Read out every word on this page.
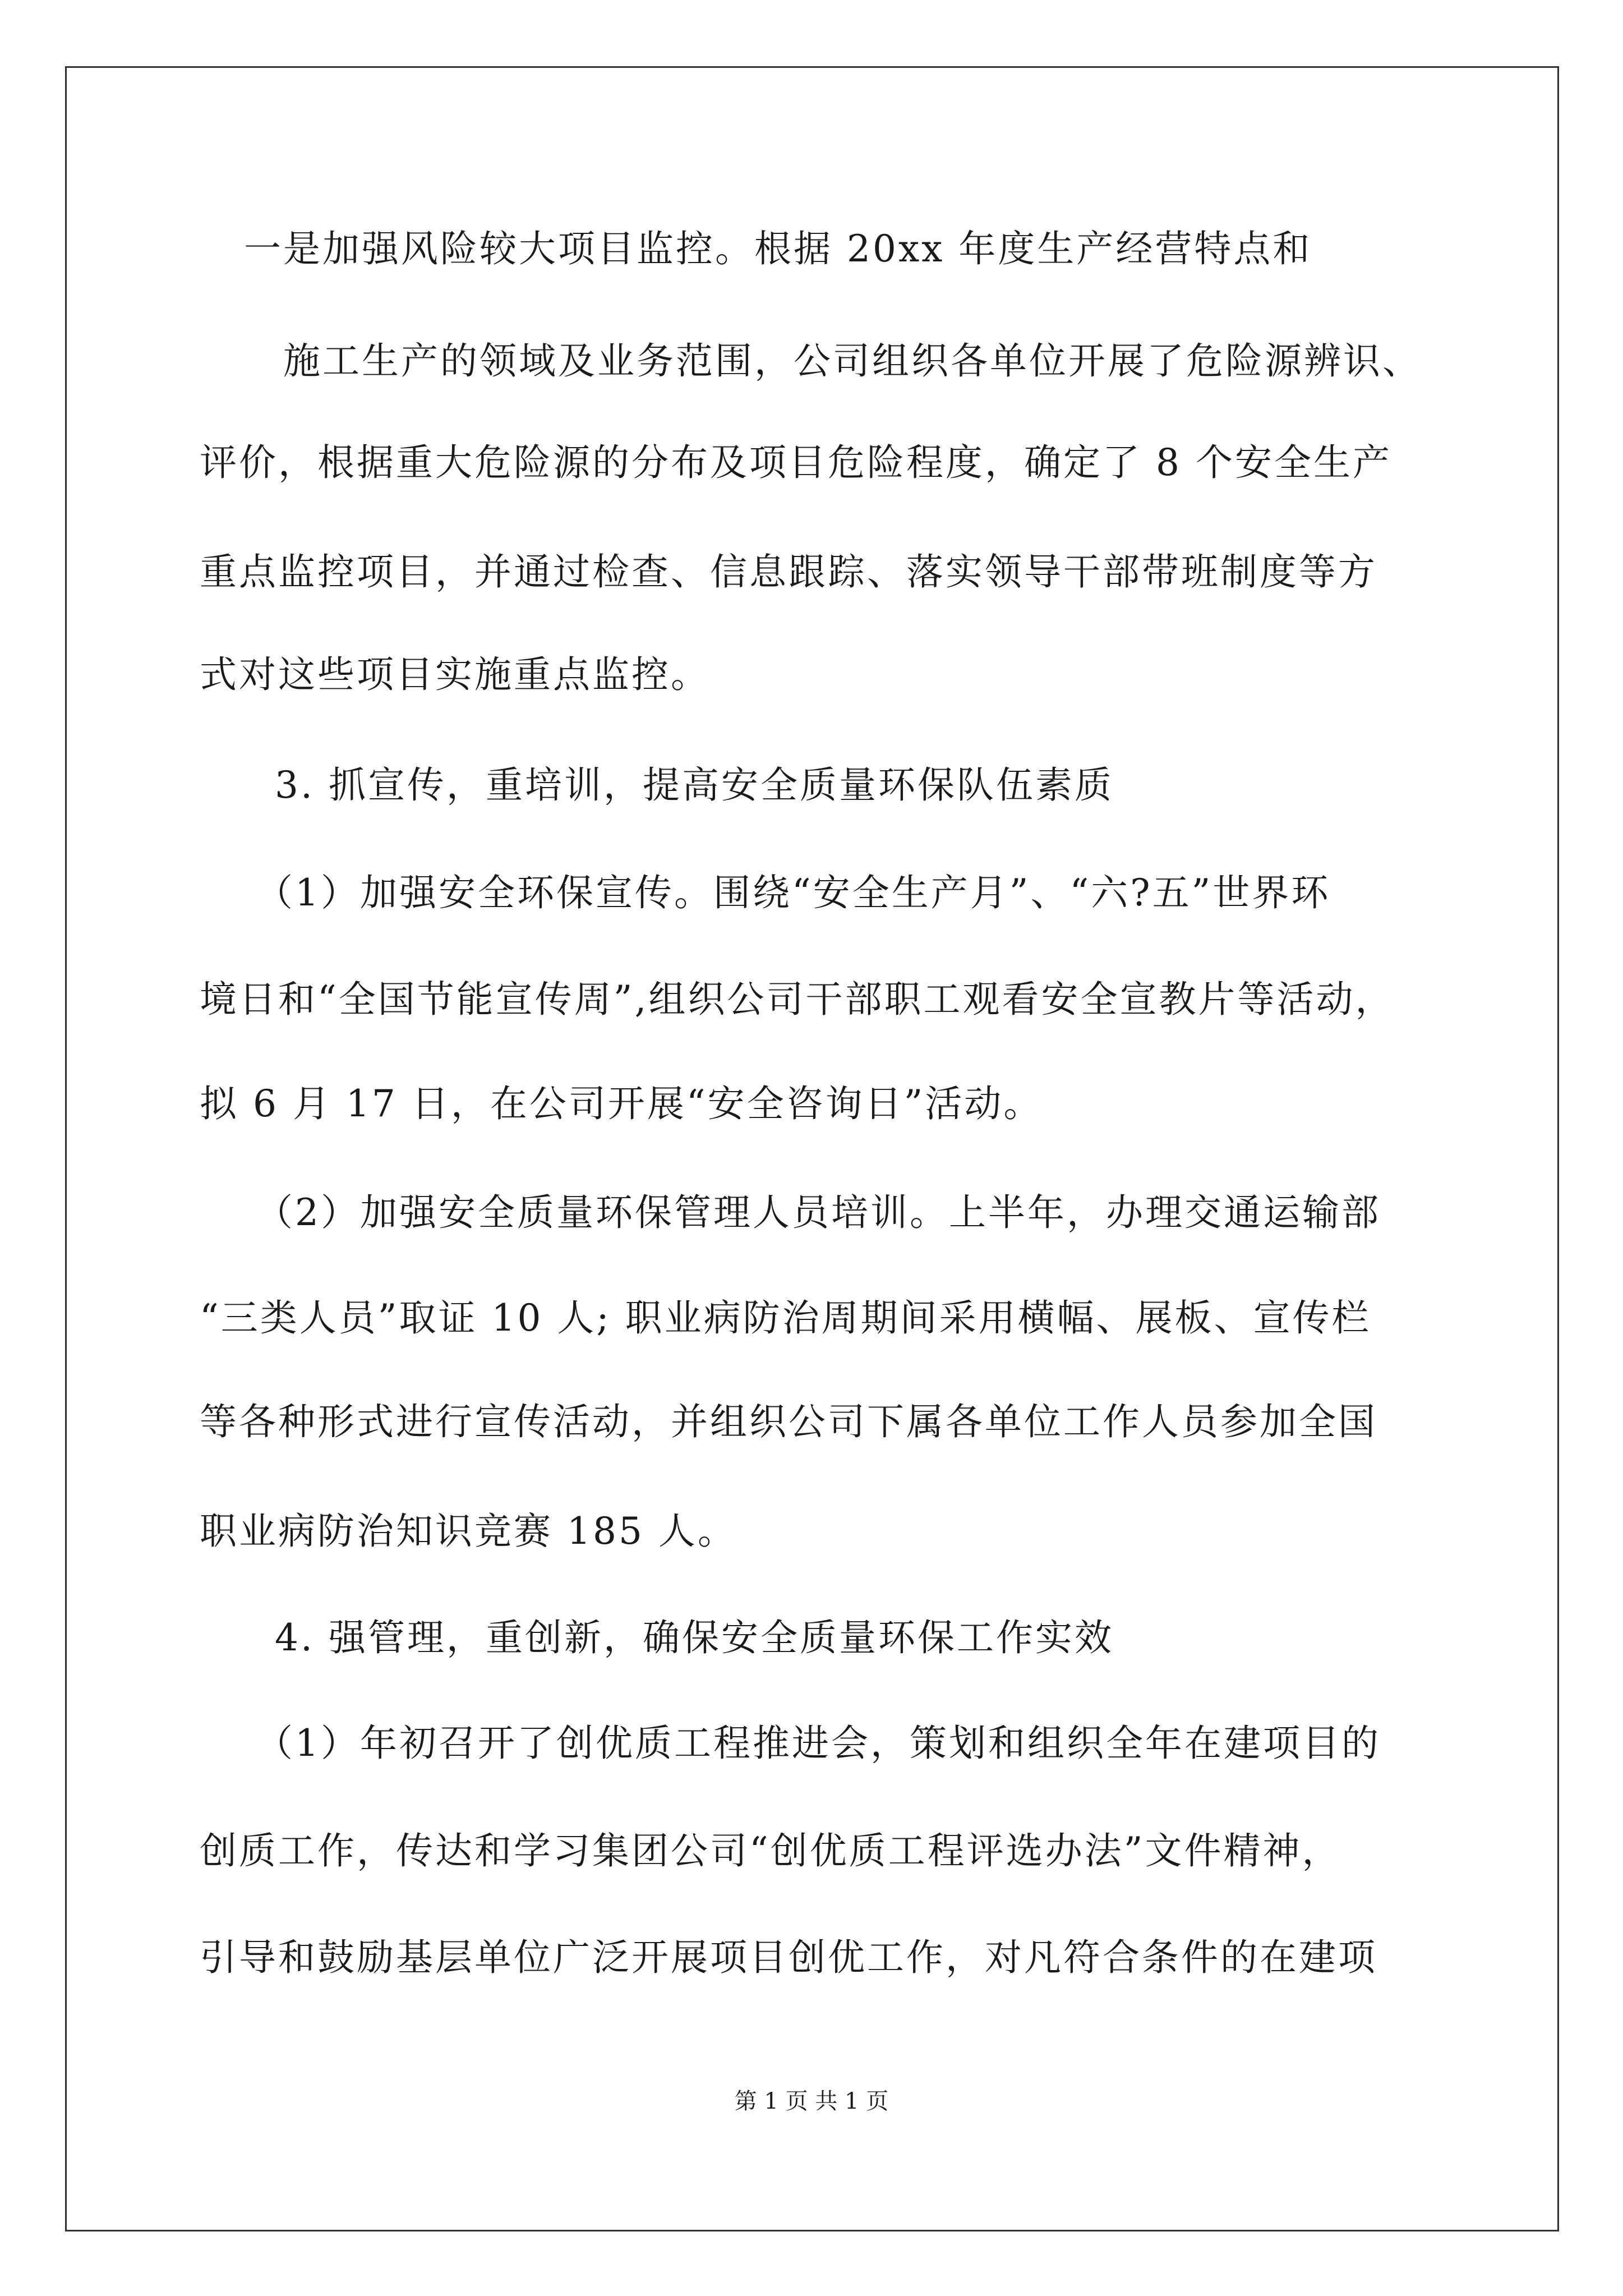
一是加强风险较大项目监控。根据 20xx 年度生产经营特点和
施工生产的领域及业务范围，公司组织各单位开展了危险源辨识、
评价，根据重大危险源的分布及项目危险程度，确定了 8 个安全生产
重点监控项目，并通过检查、信息跟踪、落实领导干部带班制度等方
式对这些项目实施重点监控。
3. 抓宣传，重培训，提高安全质量环保队伍素质
（1）加强安全环保宣传。围绕“安全生产月”、“六?五”世界环
境日和“全国节能宣传周”,组织公司干部职工观看安全宣教片等活动，
拟 6 月 17 日，在公司开展“安全咨询日”活动。
（2）加强安全质量环保管理人员培训。上半年，办理交通运输部
“三类人员”取证 10 人; 职业病防治周期间采用横幅、展板、宣传栏
等各种形式进行宣传活动，并组织公司下属各单位工作人员参加全国
职业病防治知识竞赛 185 人。
4. 强管理，重创新，确保安全质量环保工作实效
（1）年初召开了创优质工程推进会，策划和组织全年在建项目的
创质工作，传达和学习集团公司“创优质工程评选办法”文件精神，
引导和鼓励基层单位广泛开展项目创优工作，对凡符合条件的在建项
第 1 页 共 1 页
